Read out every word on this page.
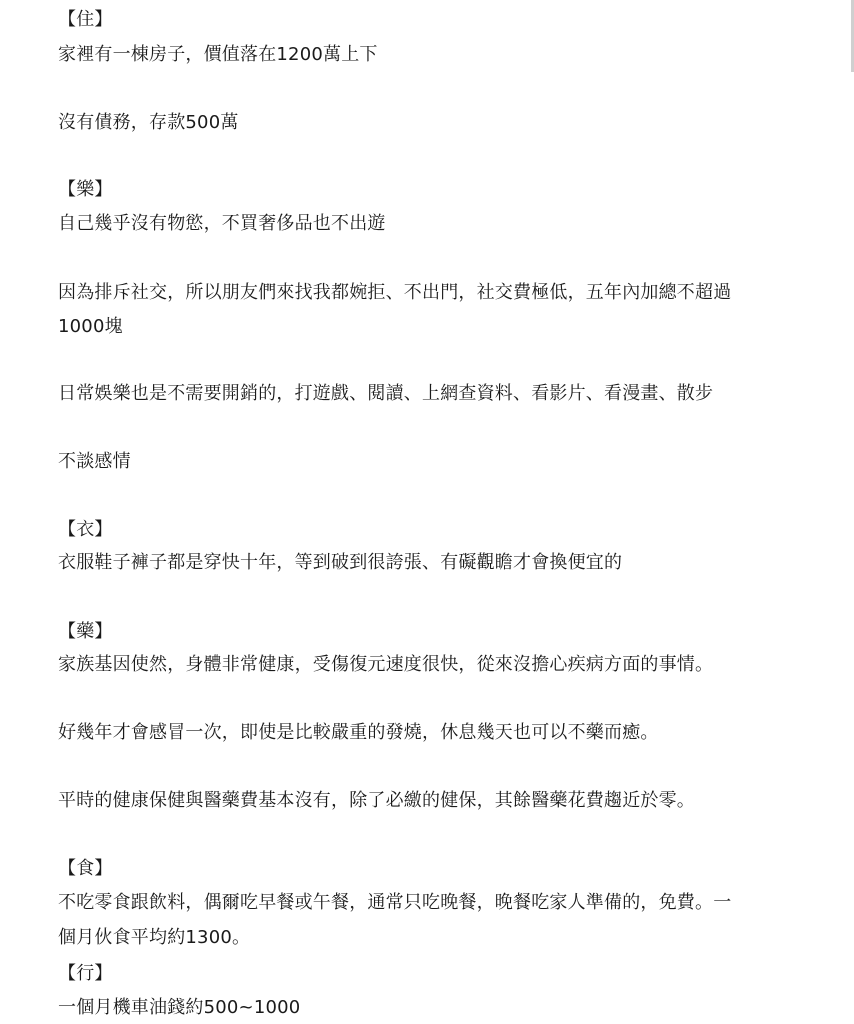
【住】
家裡有一棟房子，價值落在1200萬上下
沒有債務，存款500萬
【樂】
自己幾乎沒有物慾，不買奢侈品也不出遊
因為排斥社交，所以朋友們來找我都婉拒、不出門，社交費極低，五年內加總不超過
1000塊
日常娛樂也是不需要開銷的，打遊戲、閱讀、上網查資料、看影片、看漫畫、散步
不談感情
【衣】
衣服鞋子褲子都是穿快十年，等到破到很誇張、有礙觀瞻才會換便宜的
【藥】
家族基因使然，身體非常健康，受傷復元速度很快，從來沒擔心疾病方面的事情。
好幾年才會感冒一次，即使是比較嚴重的發燒，休息幾天也可以不藥而癒。
平時的健康保健與醫藥費基本沒有，除了必繳的健保，其餘醫藥花費趨近於零。
【食】
不吃零食跟飲料，偶爾吃早餐或午餐，通常只吃晚餐，晚餐吃家人準備的，免費。一
個月伙食平均約1300。
【行】
一個月機車油錢約500~1000
